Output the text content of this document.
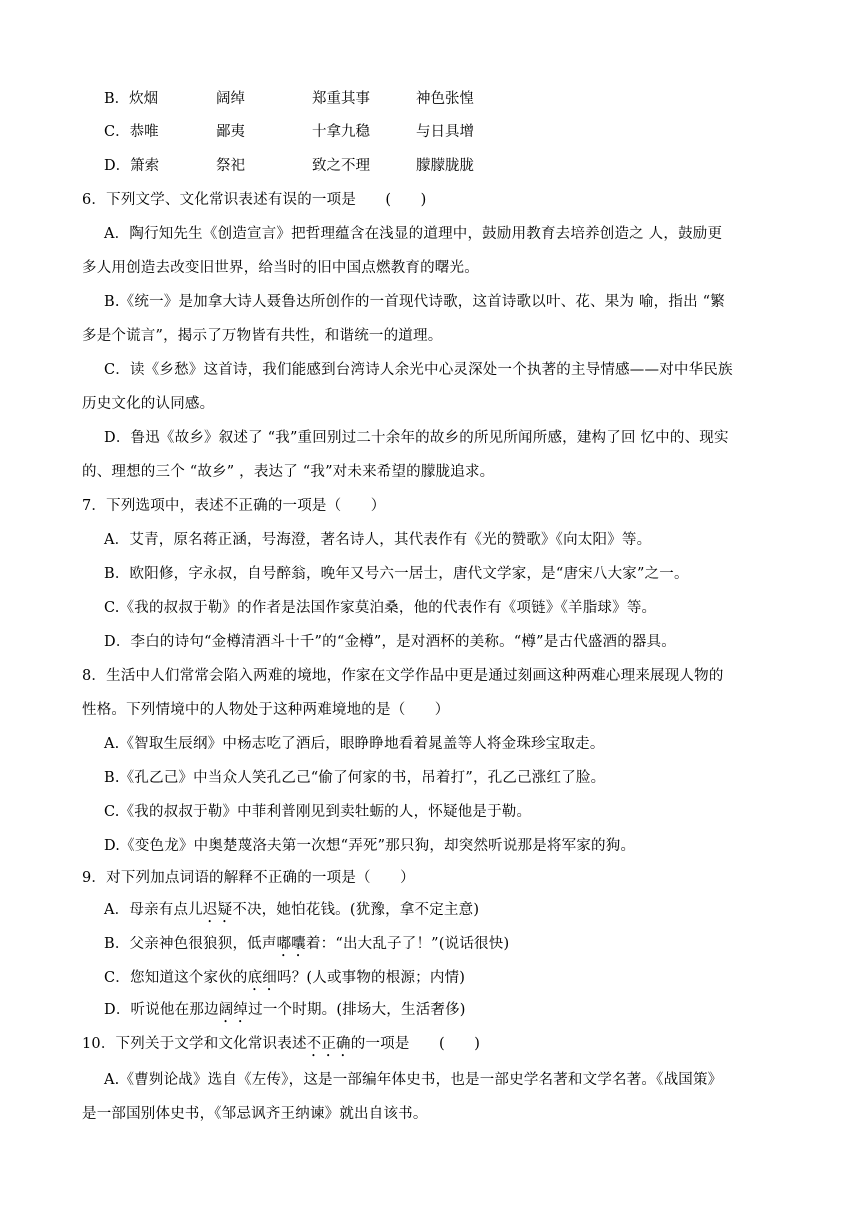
B．炊烟	阔绰	郑重其事	神色张惶
C．恭唯	鄙夷	十拿九稳	与日具增
D．箫索	祭祀	致之不理	朦朦胧胧
6．下列文学、文化常识表述有误的一项是　　(　　)
A．陶行知先生《创造宣言》把哲理蕴含在浅显的道理中，鼓励用教育去培养创造之 人，鼓励更
多人用创造去改变旧世界，给当时的旧中国点燃教育的曙光。
B.《统一》是加拿大诗人聂鲁达所创作的一首现代诗歌，这首诗歌以叶、花、果为 喻，指出 “繁
多是个谎言”，揭示了万物皆有共性，和谐统一的道理。
C．读《乡愁》这首诗，我们能感到台湾诗人余光中心灵深处一个执著的主导情感——对中华民族
历史文化的认同感。
D．鲁迅《故乡》叙述了 “我”重回别过二十余年的故乡的所见所闻所感，建构了回 忆中的、现实
的、理想的三个 “故乡” ，表达了 “我”对未来希望的朦胧追求。
7．下列选项中，表述不正确的一项是（　　）
A．艾青，原名蒋正涵，号海澄，著名诗人，其代表作有《光的赞歌》《向太阳》等。
B．欧阳修，字永叔，自号醉翁，晚年又号六一居士，唐代文学家，是“唐宋八大家”之一。
C.《我的叔叔于勒》的作者是法国作家莫泊桑，他的代表作有《项链》《羊脂球》等。
D．李白的诗句“金樽清酒斗十千”的“金樽”，是对酒杯的美称。“樽”是古代盛酒的器具。
8．生活中人们常常会陷入两难的境地，作家在文学作品中更是通过刻画这种两难心理来展现人物的
性格。下列情境中的人物处于这种两难境地的是（　　）
A.《智取生辰纲》中杨志吃了酒后，眼睁睁地看着晁盖等人将金珠珍宝取走。
B.《孔乙己》中当众人笑孔乙己“偷了何家的书，吊着打”，孔乙己涨红了脸。
C.《我的叔叔于勒》中菲利普刚见到卖牡蛎的人，怀疑他是于勒。
D.《变色龙》中奥楚蔑洛夫第一次想“弄死”那只狗，却突然听说那是将军家的狗。
9．对下列加点词语的解释不正确的一项是（　　）
A．母亲有点儿迟疑不决，她怕花钱。(犹豫，拿不定主意)
B．父亲神色很狼狈，低声嘟囔着：“出大乱子了！”(说话很快)
C．您知道这个家伙的底细吗？(人或事物的根源；内情)
D．听说他在那边阔绰过一个时期。(排场大，生活奢侈)
10．下列关于文学和文化常识表述不正确的一项是　　(　　)
A.《曹刿论战》选自《左传》，这是一部编年体史书，也是一部史学名著和文学名著。《战国策》
是一部国别体史书，《邹忌讽齐王纳谏》就出自该书。
